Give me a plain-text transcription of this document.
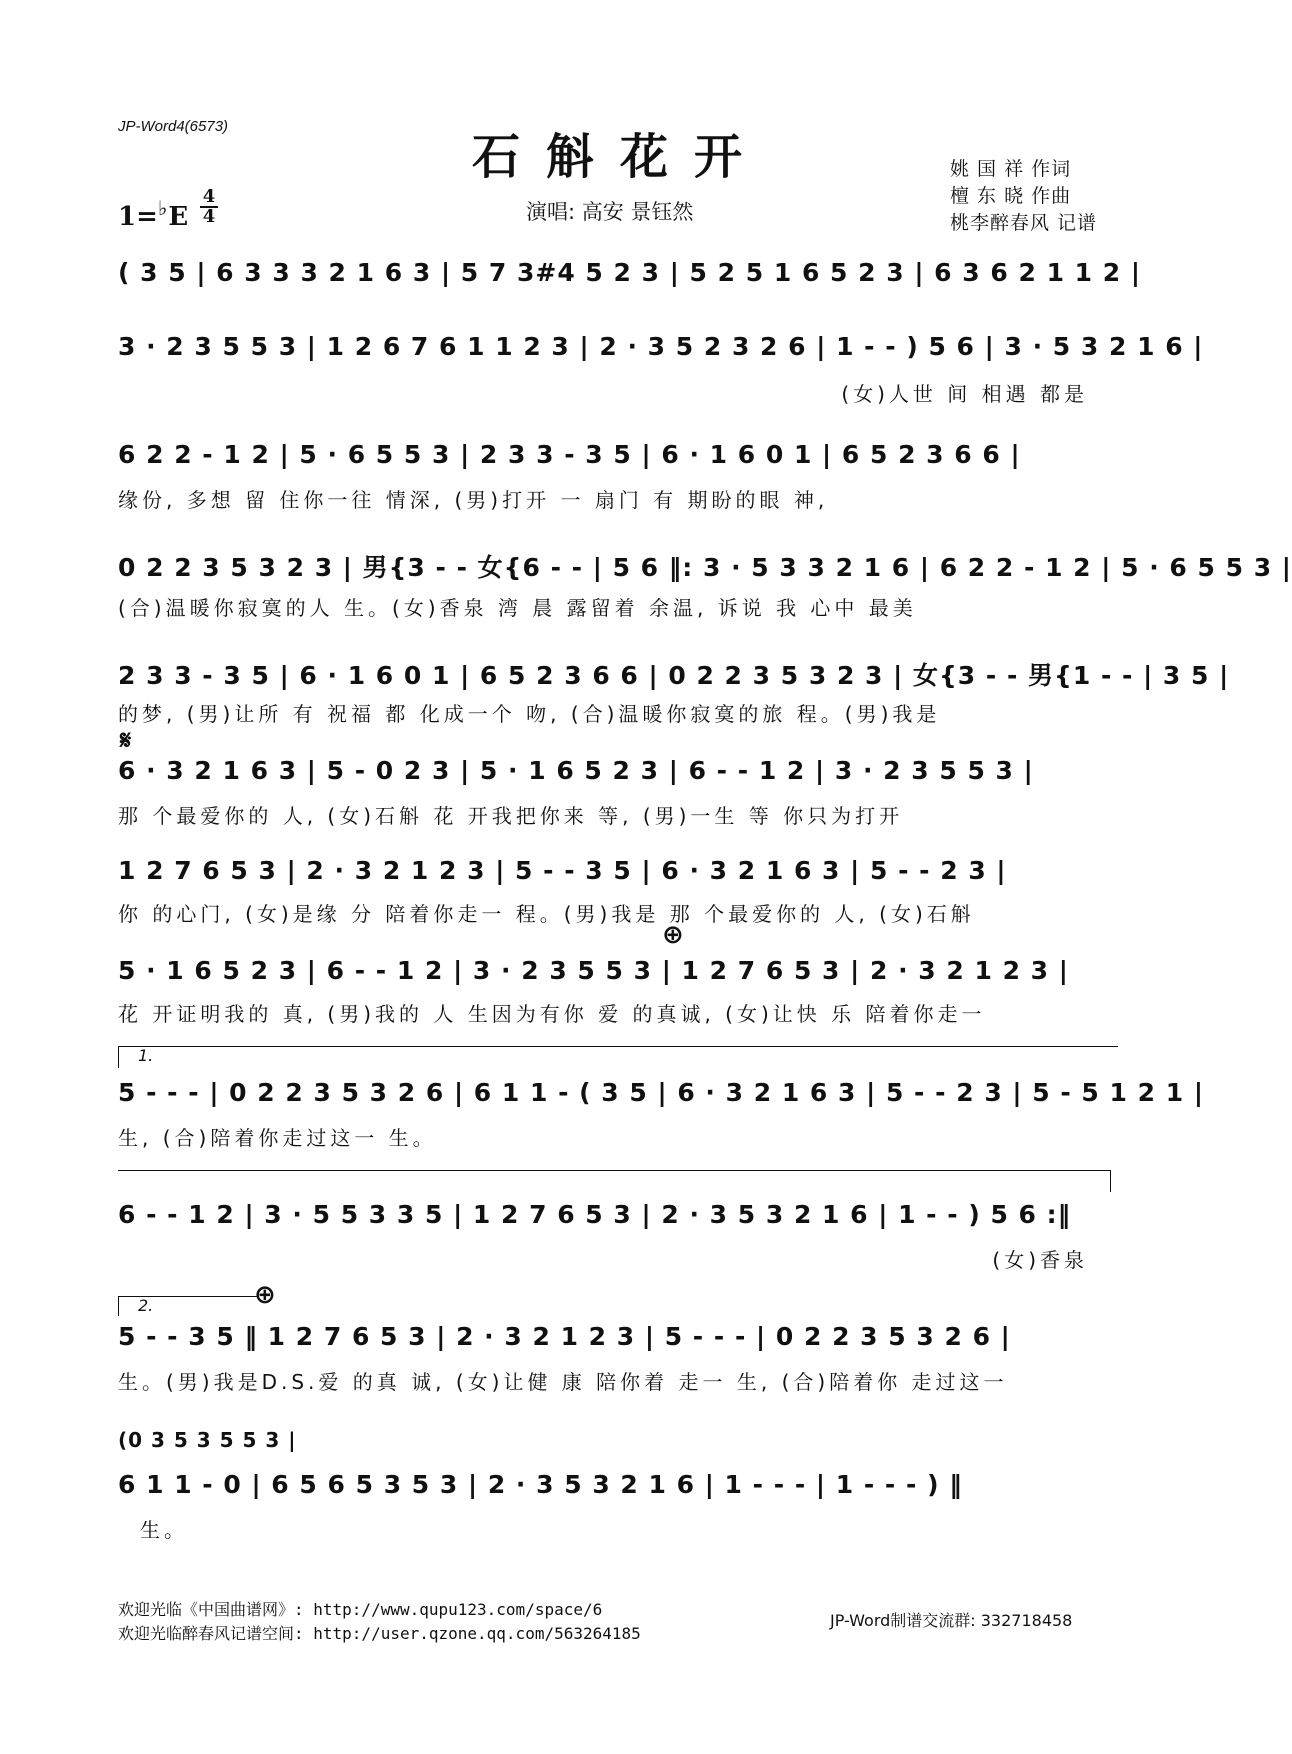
JP-Word4(6573)
石斛花开
1=♭E
4
4	演唱: 高安 景钰然
姚 国 祥 作词
檀 东 晓 作曲
桃李醉春风 记谱
( 3 5 | 6 3 3 3 2 1 6 3 | 5 7 3#4 5 2 3 | 5 2 5 1 6 5 2 3 | 6 3 6 2 1 1 2 |
3 · 2 3 5 5 3 | 1 2 6 7 6 1 1 2 3 | 2 · 3 5 2 3 2 6 | 1 - - ) 5 6 | 3 · 5 3 2 1 6 |
(女)人世 间 相遇 都是
6 2 2 - 1 2 | 5 · 6 5 5 3 | 2 3 3 - 3 5 | 6 · 1 6 0 1 | 6 5 2 3 6 6 |
缘份, 多想 留 住你一往 情深, (男)打开 一 扇门 有 期盼的眼 神,
0 2 2 3 5 3 2 3 | 男{3 - - 女{6 - - | 5 6 ‖: 3 · 5 3 3 2 1 6 | 6 2 2 - 1 2 | 5 · 6 5 5 3 |
(合)温暖你寂寞的人 生。(女)香泉 湾 晨 露留着 余温, 诉说 我 心中 最美
2 3 3 - 3 5 | 6 · 1 6 0 1 | 6 5 2 3 6 6 | 0 2 2 3 5 3 2 3 | 女{3 - - 男{1 - - | 3 5 |
的梦, (男)让所 有 祝福 都 化成一个 吻, (合)温暖你寂寞的旅 程。(男)我是
𝄋
6 · 3 2 1 6 3 | 5 - 0 2 3 | 5 · 1 6 5 2 3 | 6 - - 1 2 | 3 · 2 3 5 5 3 |
那 个最爱你的 人, (女)石斛 花 开我把你来 等, (男)一生 等 你只为打开
1 2 7 6 5 3 | 2 · 3 2 1 2 3 | 5 - - 3 5 | 6 · 3 2 1 6 3 | 5 - - 2 3 |
你 的心门, (女)是缘 分 陪着你走一 程。(男)我是 那 个最爱你的 人, (女)石斛
⊕
5 · 1 6 5 2 3 | 6 - - 1 2 | 3 · 2 3 5 5 3 | 1 2 7 6 5 3 | 2 · 3 2 1 2 3 |
花 开证明我的 真, (男)我的 人 生因为有你 爱 的真诚, (女)让快 乐 陪着你走一
1.
5 - - - | 0 2 2 3 5 3 2 6 | 6 1 1 - ( 3 5 | 6 · 3 2 1 6 3 | 5 - - 2 3 | 5 - 5 1 2 1 |
生, (合)陪着你走过这一 生。
6 - - 1 2 | 3 · 5 5 3 3 5 | 1 2 7 6 5 3 | 2 · 3 5 3 2 1 6 | 1 - - ) 5 6 :‖
(女)香泉
2.	⊕
5 - - 3 5 ‖ 1 2 7 6 5 3 | 2 · 3 2 1 2 3 | 5 - - - | 0 2 2 3 5 3 2 6 |
生。(男)我是D.S.爱 的真 诚, (女)让健 康 陪你着 走一 生, (合)陪着你 走过这一
(0 3 5 3 5 5 3 |
6 1 1 - 0 | 6 5 6 5 3 5 3 | 2 · 3 5 3 2 1 6 | 1 - - - | 1 - - - ) ‖
生。
欢迎光临《中国曲谱网》: http://www.qupu123.com/space/6
欢迎光临醉春风记谱空间: http://user.qzone.qq.com/563264185
JP-Word制谱交流群: 332718458
